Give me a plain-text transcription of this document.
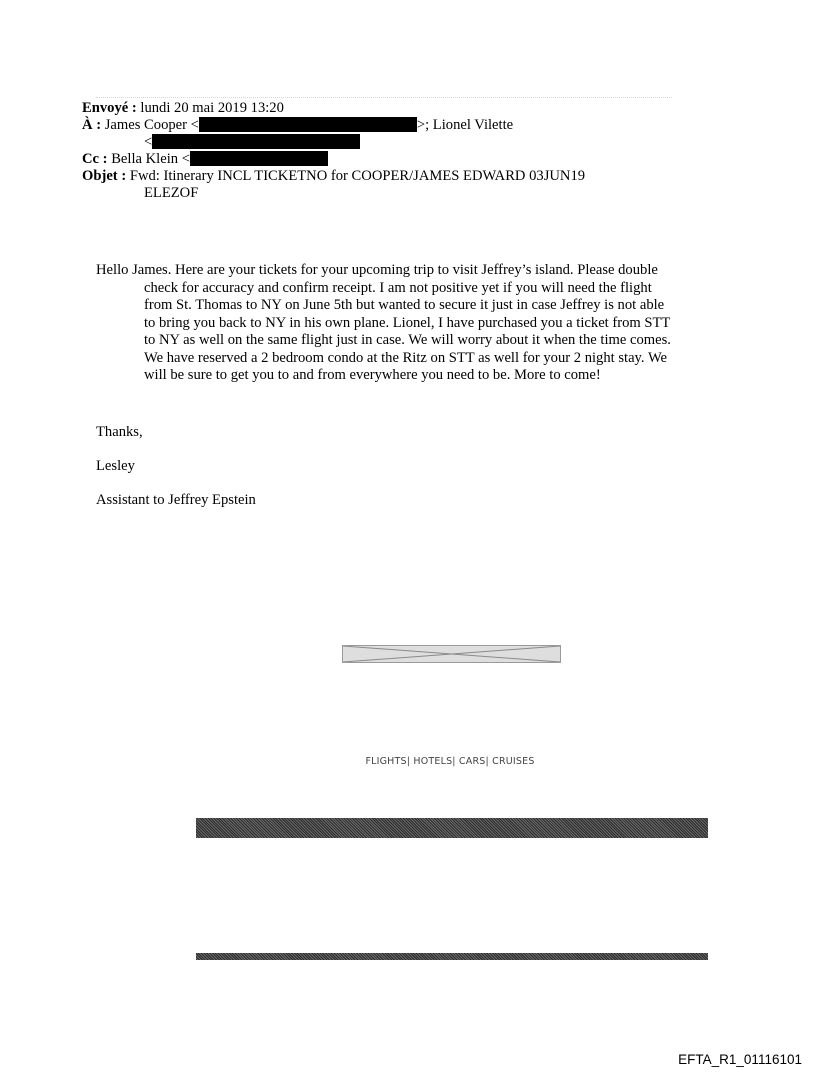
Envoyé : lundi 20 mai 2019 13:20
À : James Cooper <	>; Lionel Vilette
<
Cc : Bella Klein <
Objet : Fwd: Itinerary INCL TICKETNO for COOPER/JAMES EDWARD 03JUN19
ELEZOF

Hello James. Here are your tickets for your upcoming trip to visit Jeffrey’s island. Please double check for accuracy and confirm receipt. I am not positive yet if you will need the flight from St. Thomas to NY on June 5th but wanted to secure it just in case Jeffrey is not able to bring you back to NY in his own plane. Lionel, I have purchased you a ticket from STT to NY as well on the same flight just in case. We will worry about it when the time comes. We have reserved a 2 bedroom condo at the Ritz on STT as well for your 2 night stay. We will be sure to get you to and from everywhere you need to be. More to come!

Thanks,
Lesley
Assistant to Jeffrey Epstein
FLIGHTS| HOTELS| CARS| CRUISES
EFTA_R1_01116101
